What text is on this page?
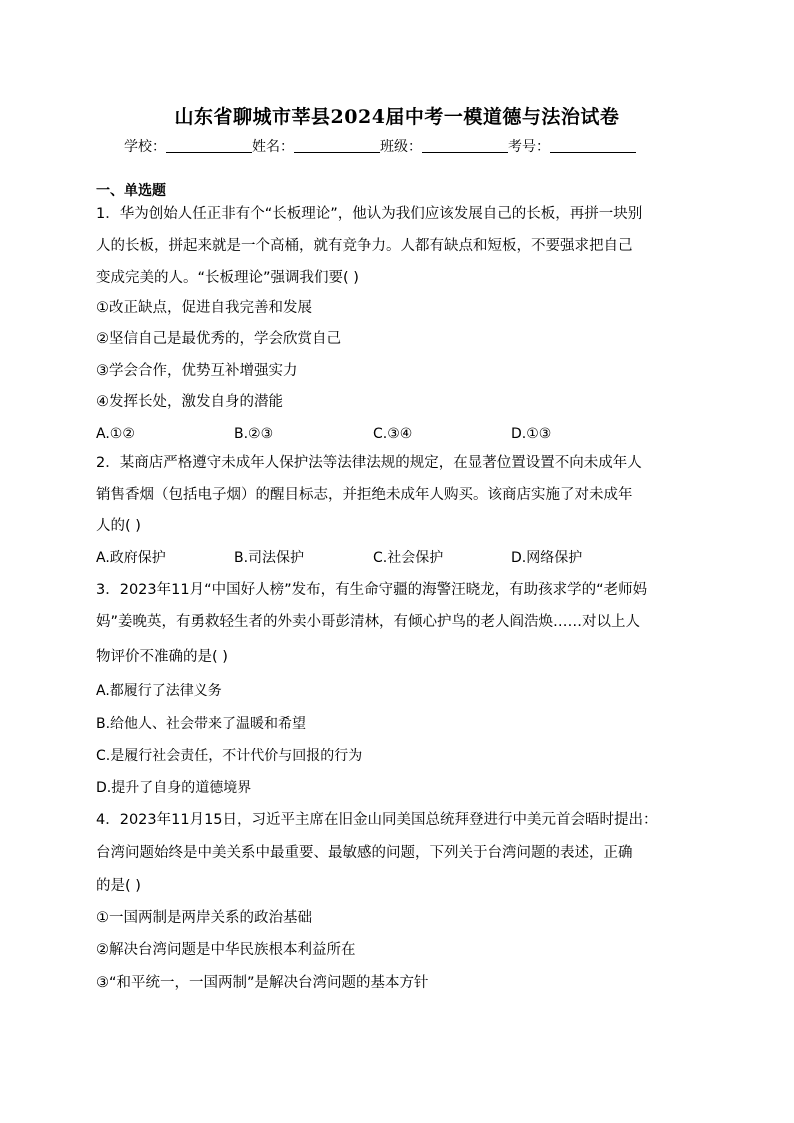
山东省聊城市莘县2024届中考一模道德与法治试卷
学校：	姓名：	班级：	考号：
一、单选题
1．华为创始人任正非有个“长板理论”，他认为我们应该发展自己的长板，再拼一块别
人的长板，拼起来就是一个高桶，就有竞争力。人都有缺点和短板，不要强求把自己
变成完美的人。“长板理论”强调我们要( )
①改正缺点，促进自我完善和发展
②坚信自己是最优秀的，学会欣赏自己
③学会合作，优势互补增强实力
④发挥长处，激发自身的潜能
A.①②	B.②③	C.③④	D.①③
2．某商店严格遵守未成年人保护法等法律法规的规定，在显著位置设置不向未成年人
销售香烟（包括电子烟）的醒目标志，并拒绝未成年人购买。该商店实施了对未成年
人的( )
A.政府保护	B.司法保护	C.社会保护	D.网络保护
3．2023年11月“中国好人榜”发布，有生命守疆的海警汪晓龙，有助孩求学的“老师妈
妈”姜晚英，有勇救轻生者的外卖小哥彭清林，有倾心护鸟的老人阎浩焕……对以上人
物评价不准确的是( )
A.都履行了法律义务
B.给他人、社会带来了温暖和希望
C.是履行社会责任，不计代价与回报的行为
D.提升了自身的道德境界
4．2023年11月15日，习近平主席在旧金山同美国总统拜登进行中美元首会晤时提出：
台湾问题始终是中美关系中最重要、最敏感的问题，下列关于台湾问题的表述，正确
的是( )
①一国两制是两岸关系的政治基础
②解决台湾问题是中华民族根本利益所在
③“和平统一，一国两制”是解决台湾问题的基本方针
